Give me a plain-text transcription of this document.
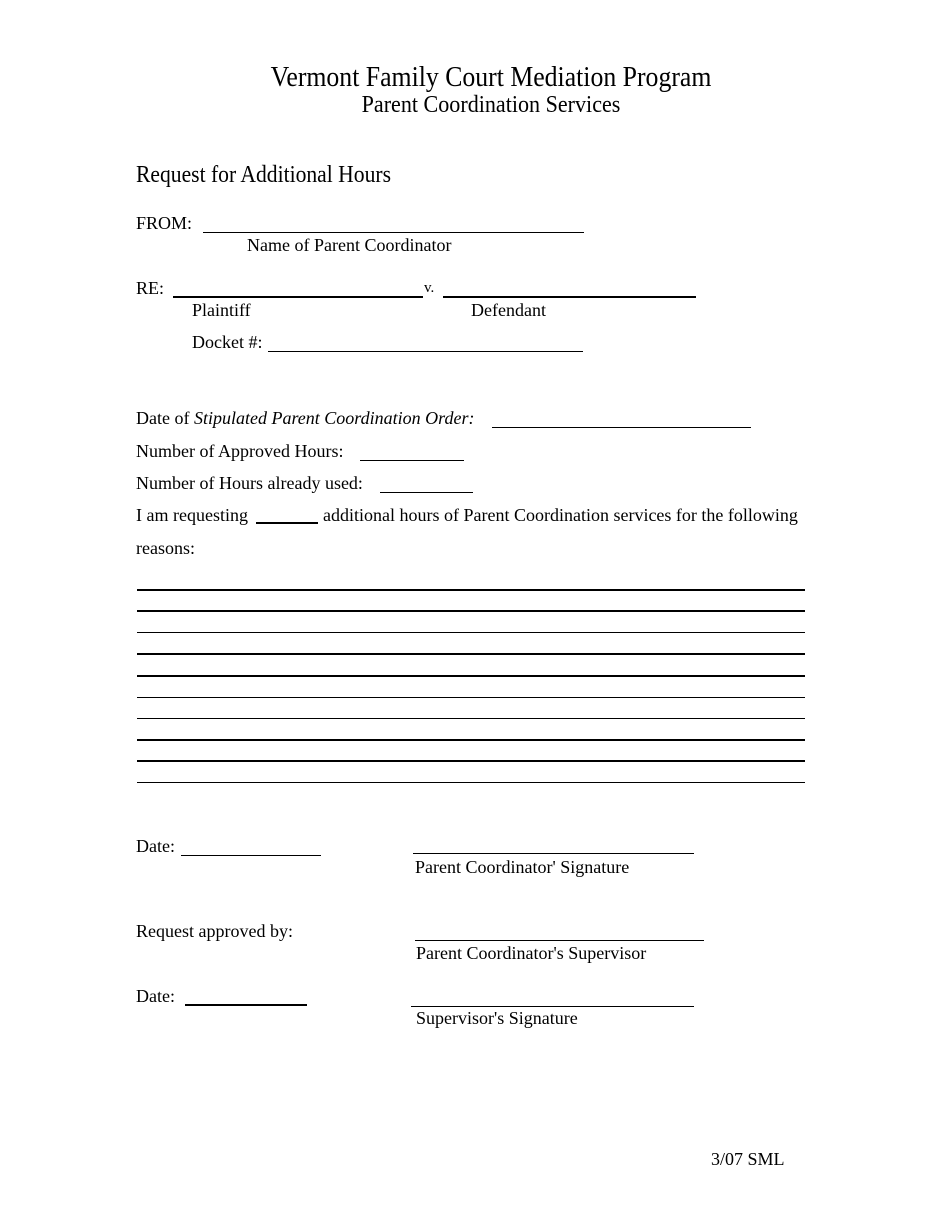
Vermont Family Court Mediation Program
Parent Coordination Services
Request for Additional Hours
FROM:
Name of Parent Coordinator
RE:	v.
Plaintiff	Defendant
Docket #:
Date of Stipulated Parent Coordination Order:
Number of Approved Hours:
Number of Hours already used:
I am requesting	additional hours of Parent Coordination services for the following
reasons:
Date:
Parent Coordinator' Signature
Request approved by:
Parent Coordinator's Supervisor
Date:
Supervisor's Signature
3/07 SML
